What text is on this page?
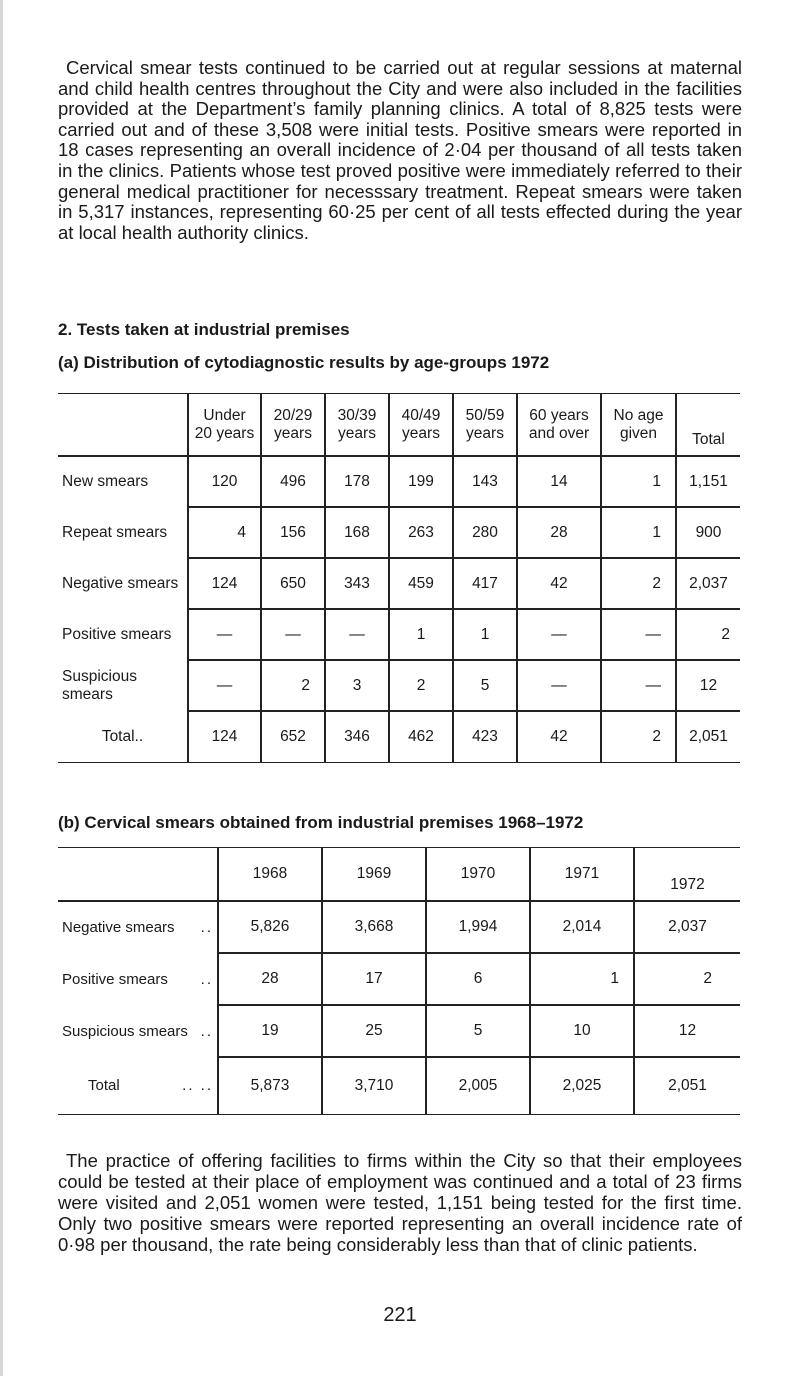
Cervical smear tests continued to be carried out at regular sessions at maternal and child health centres throughout the City and were also included in the facilities provided at the Department’s family planning clinics. A total of 8,825 tests were carried out and of these 3,508 were initial tests. Positive smears were reported in 18 cases representing an overall incidence of 2·04 per thousand of all tests taken in the clinics. Patients whose test proved positive were immediately referred to their general medical practitioner for necesssary treatment. Repeat smears were taken in 5,317 instances, representing 60·25 per cent of all tests effected during the year at local health authority clinics.

2. Tests taken at industrial premises

(a) Distribution of cytodiagnostic results by age-groups 1972

	Under 20 years	20/29 years	30/39 years	40/49 years	50/59 years	60 years and over	No age given	Total
New smears	120	496	178	199	143	14	1	1,151
Repeat smears	4	156	168	263	280	28	1	900
Negative smears	124	650	343	459	417	42	2	2,037
Positive smears	—	—	—	1	1	—	—	2
Suspicious smears	—	2	3	2	5	—	—	12
Total..	124	652	346	462	423	42	2	2,051

(b) Cervical smears obtained from industrial premises 1968–1972

	1968	1969	1970	1971	1972
Negative smears ..	5,826	3,668	1,994	2,014	2,037
Positive smears ..	28	17	6	1	2
Suspicious smears ..	19	25	5	10	12
Total .. ..	5,873	3,710	2,005	2,025	2,051

The practice of offering facilities to firms within the City so that their employees could be tested at their place of employment was continued and a total of 23 firms were visited and 2,051 women were tested, 1,151 being tested for the first time. Only two positive smears were reported representing an overall incidence rate of 0·98 per thousand, the rate being considerably less than that of clinic patients.

221
